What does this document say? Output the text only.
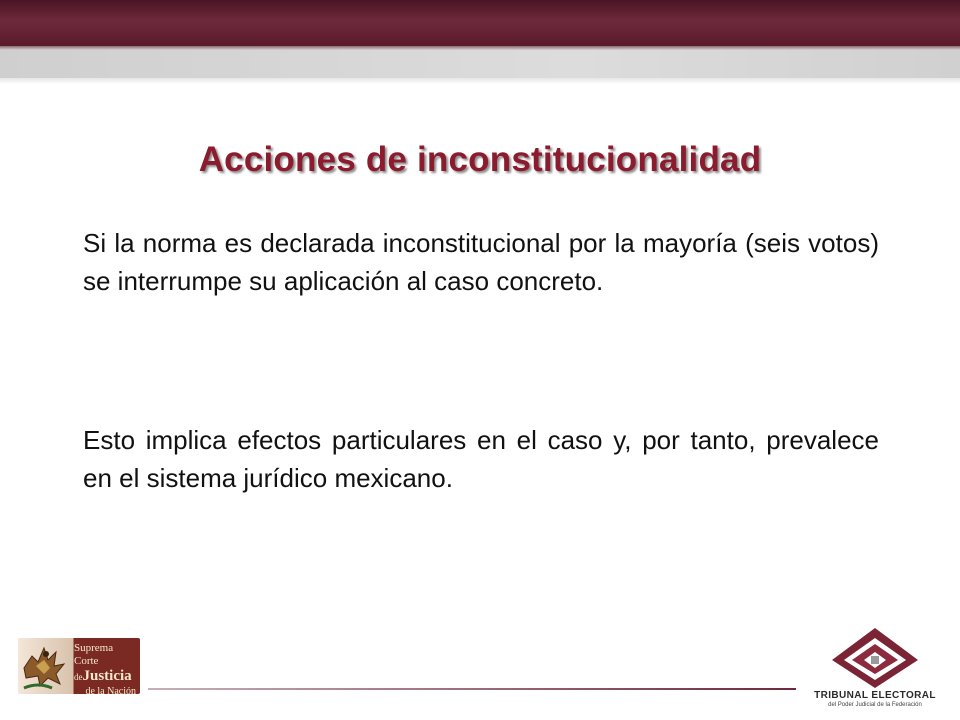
Acciones de inconstitucionalidad

Si la norma es declarada inconstitucional por la mayoría (seis votos) se interrumpe su aplicación al caso concreto.

Esto implica efectos particulares en el caso y, por tanto, prevalece en el sistema jurídico mexicano.

Suprema Corte
deJusticia
de la Nación	TRIBUNAL ELECTORAL
del Poder Judicial de la Federación
